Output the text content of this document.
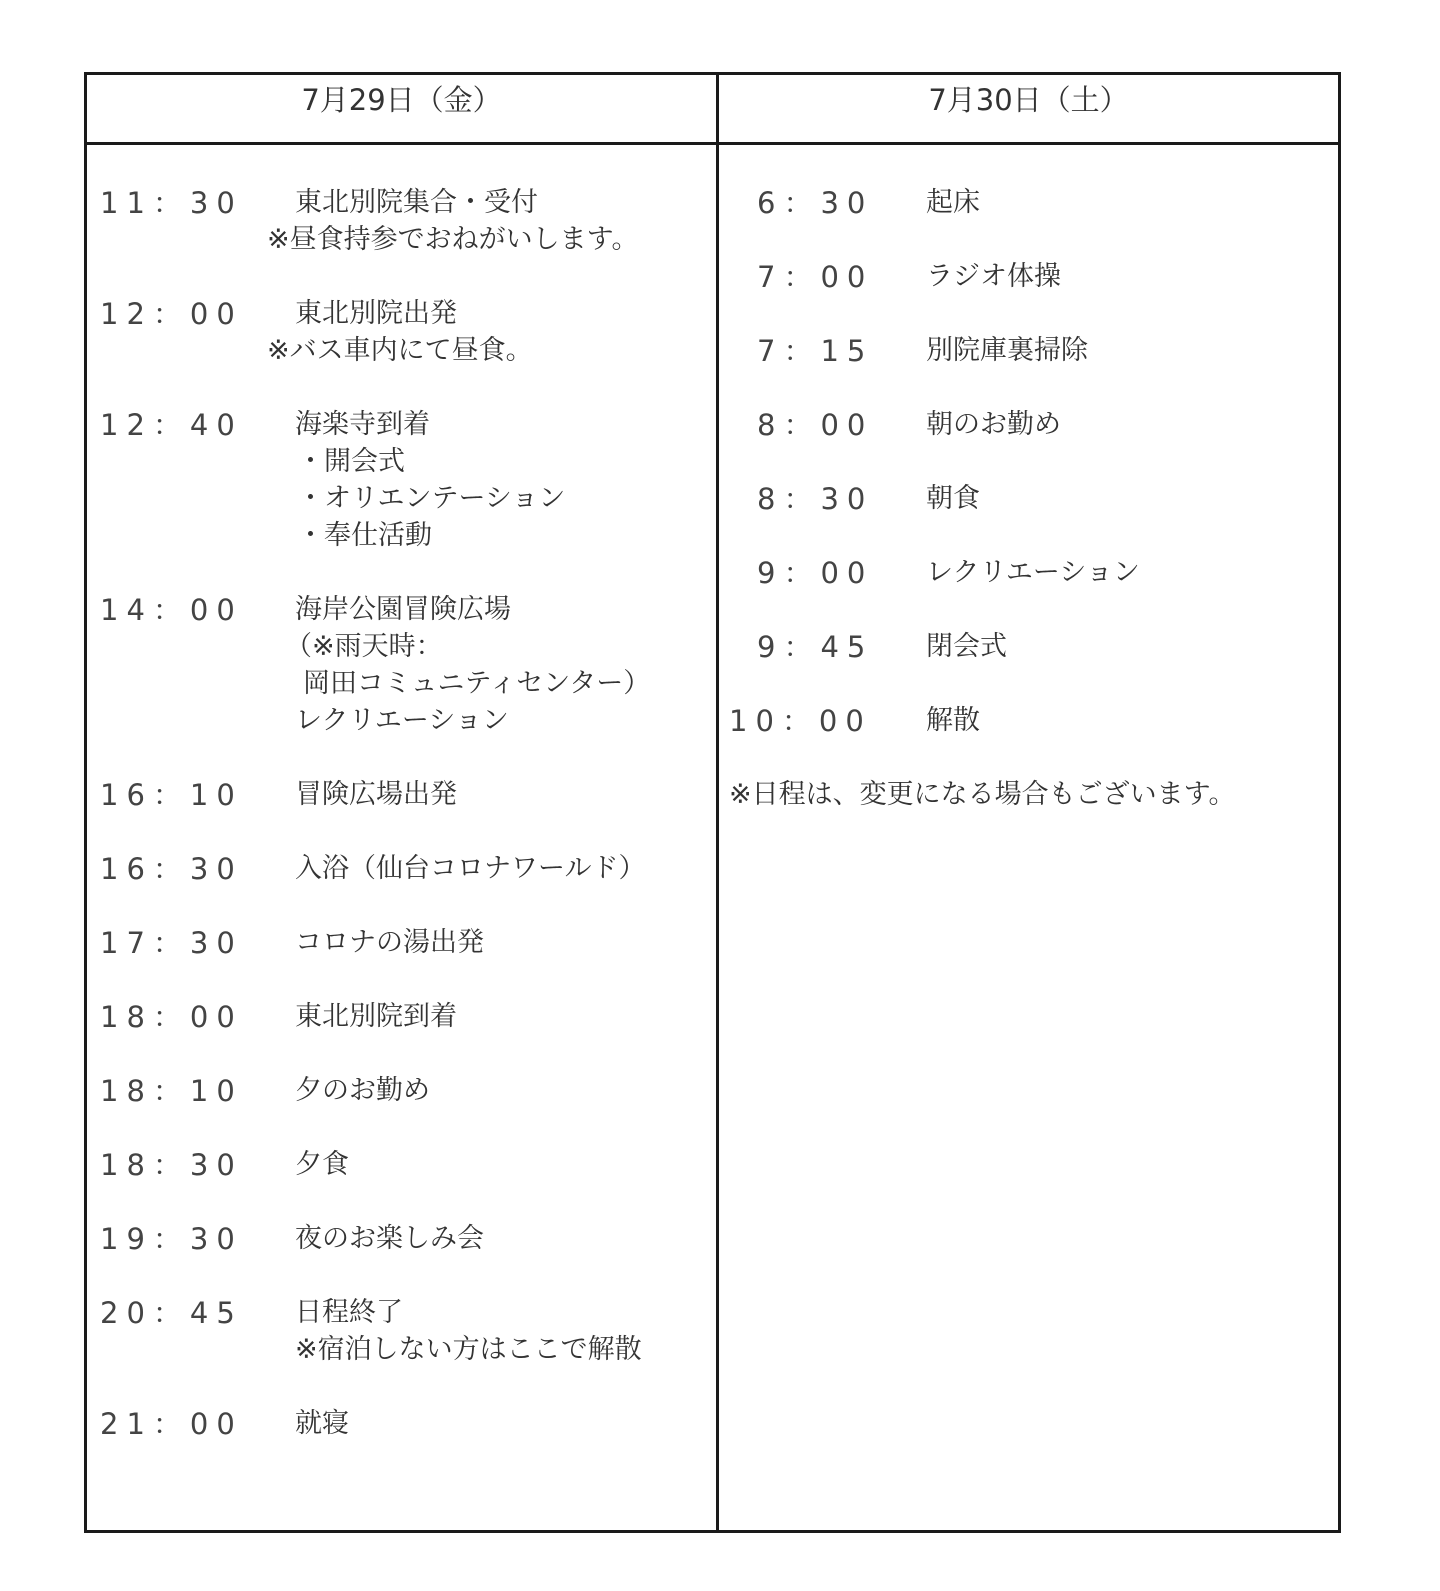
7月29日（金）	7月30日（土）
11：30 東北別院集合・受付
※昼食持参でおねがいします。
12：00 東北別院出発
※バス車内にて昼食。
12：40 海楽寺到着
・開会式
・オリエンテーション
・奉仕活動
14：00 海岸公園冒険広場
（※雨天時：
岡田コミュニティセンター）
レクリエーション
16：10 冒険広場出発
16：30 入浴（仙台コロナワールド）
17：30 コロナの湯出発
18：00 東北別院到着
18：10 夕のお勤め
18：30 夕食
19：30 夜のお楽しみ会
20：45 日程終了
※宿泊しない方はここで解散
21：00 就寝
6：30 起床
7：00 ラジオ体操
7：15 別院庫裏掃除
8：00 朝のお勤め
8：30 朝食
9：00 レクリエーション
9：45 閉会式
10：00 解散
※日程は、変更になる場合もございます。
